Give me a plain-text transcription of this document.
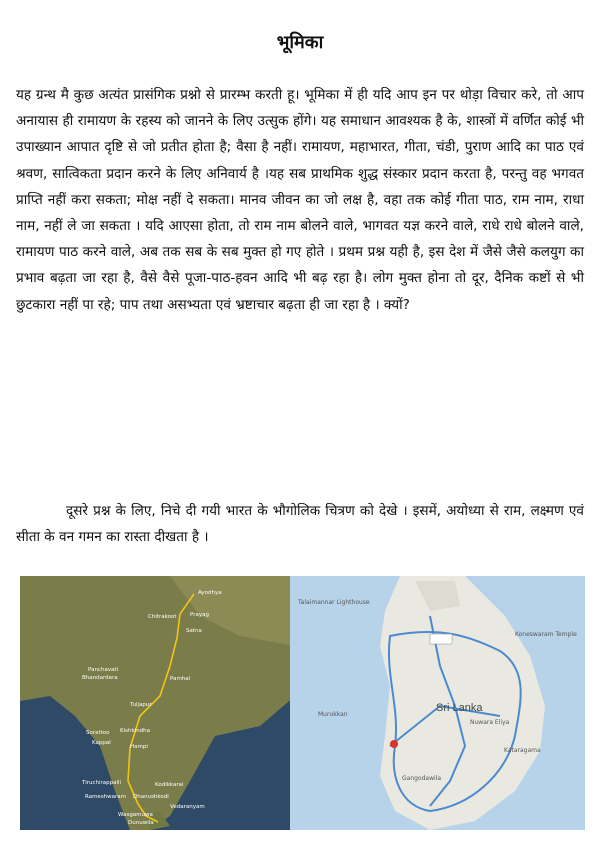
भूमिका

यह ग्रन्थ मै कुछ अत्यंत प्रासंगिक प्रश्नो से प्रारम्भ करती हू। भूमिका में ही यदि आप इन पर थोड़ा विचार करे, तो आप अनायास ही रामायण के रहस्य को जानने के लिए उत्सुक होंगे। यह समाधान आवश्यक है के, शास्त्रों में वर्णित कोई भी उपाख्यान आपात दृष्टि से जो प्रतीत होता है; वैसा है नहीं। रामायण, महाभारत, गीता, चंडी, पुराण आदि का पाठ एवं श्रवण, सात्विकता प्रदान करने के लिए अनिवार्य है ।यह सब प्राथमिक शुद्ध संस्कार प्रदान करता है, परन्तु वह भगवत प्राप्ति नहीं करा सकता; मोक्ष नहीं दे सकता। मानव जीवन का जो लक्ष है, वहा तक कोई गीता पाठ, राम नाम, राधा नाम, नहीं ले जा सकता । यदि आएसा होता, तो राम नाम बोलने वाले, भागवत यज्ञ करने वाले, राधे राधे बोलने वाले, रामायण पाठ करने वाले, अब तक सब के सब मुक्त हो गए होते । प्रथम प्रश्न यही है, इस देश में जैसे जैसे कलयुग का प्रभाव बढ़ता जा रहा है, वैसे वैसे पूजा-पाठ-हवन आदि भी बढ़ रहा है। लोग मुक्त होना तो दूर, दैनिक कष्टों से भी छुटकारा नहीं पा रहे; पाप तथा असभ्यता एवं भ्रष्टाचार बढ़ता ही जा रहा है । क्यों?

दूसरे प्रश्न के लिए, निचे दी गयी भारत के भौगोलिक चित्रण को देखे । इसमें, अयोध्या से राम, लक्ष्मण एवं सीता के वन गमन का रास्ता दीखता है ।

Ayodhya
Chitrakoot Prayag
Satna
Panchavati
Bhandardara	Pamhal
Tuljapur
Sorattoo Kishkindha
Hampi
Kappal
Tiruchirappalli	Kodikkarai
Rameshwaram Dhanushkodi
Vedaranyam
Wasgamuwa
Dunuwila
Sri Lanka
Talaimannar Lighthouse
Koneswaram Temple
Murukkan
Gangodawila
Nuwara Eliya
Kataragama
